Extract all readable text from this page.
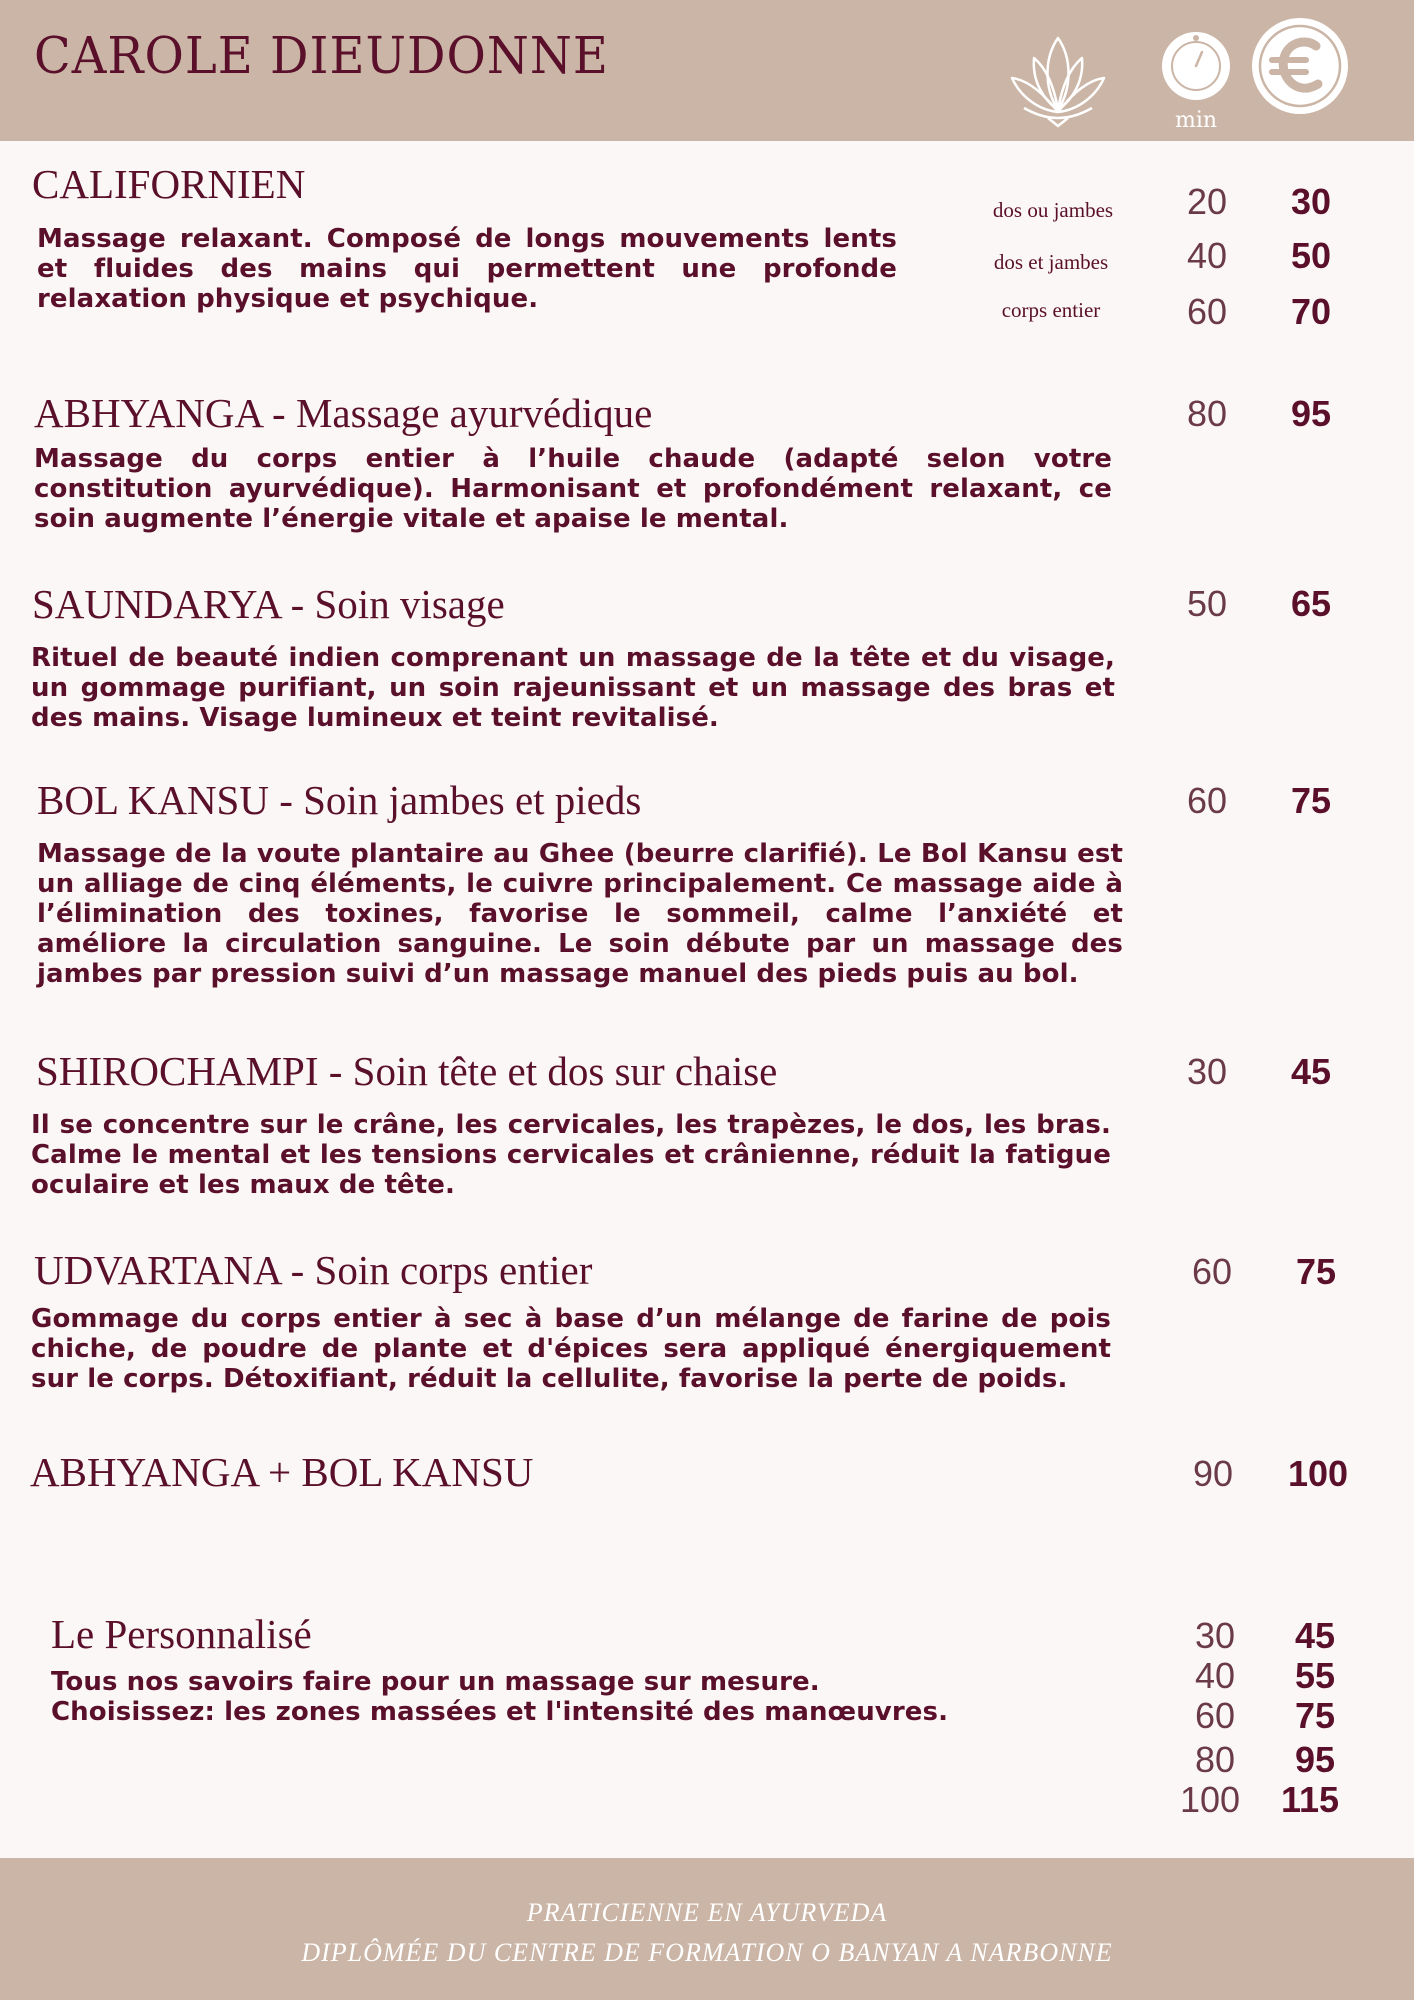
CAROLE DIEUDONNE
min
CALIFORNIEN
Massage relaxant. Composé de longs mouvements lents et fluides des mains qui permettent une profonde relaxation physique et psychique.
dos ou jambes	20	30
dos et jambes	40	50
corps entier	60	70
ABHYANGA - Massage ayurvédique	80	95
Massage du corps entier à l’huile chaude (adapté selon votre constitution ayurvédique). Harmonisant et profondément relaxant, ce soin augmente l’énergie vitale et apaise le mental.
SAUNDARYA - Soin visage	50	65
Rituel de beauté indien comprenant un massage de la tête et du visage, un gommage purifiant, un soin rajeunissant et un massage des bras et des mains. Visage lumineux et teint revitalisé.
BOL KANSU - Soin jambes et pieds	60	75
Massage de la voute plantaire au Ghee (beurre clarifié). Le Bol Kansu est un alliage de cinq éléments, le cuivre principalement. Ce massage aide à l’élimination des toxines, favorise le sommeil, calme l’anxiété et améliore la circulation sanguine. Le soin débute par un massage des jambes par pression suivi d’un massage manuel des pieds puis au bol.
SHIROCHAMPI - Soin tête et dos sur chaise	30	45
Il se concentre sur le crâne, les cervicales, les trapèzes, le dos, les bras. Calme le mental et les tensions cervicales et crânienne, réduit la fatigue oculaire et les maux de tête.
UDVARTANA - Soin corps entier	60	75
Gommage du corps entier à sec à base d’un mélange de farine de pois chiche, de poudre de plante et d'épices sera appliqué énergiquement sur le corps. Détoxifiant, réduit la cellulite, favorise la perte de poids.
ABHYANGA + BOL KANSU	90	100
Le Personnalisé
Tous nos savoirs faire pour un massage sur mesure.
Choisissez: les zones massées et l'intensité des manœuvres.
30	45
40	55
60	75
80	95
100	115
PRATICIENNE EN AYURVEDA
DIPLÔMÉE DU CENTRE DE FORMATION O BANYAN A NARBONNE
